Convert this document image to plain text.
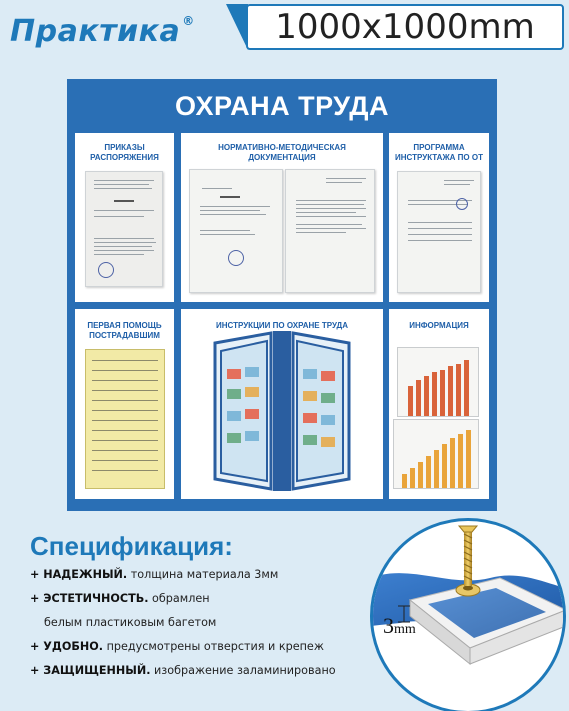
Практика ®	1000x1000mm
ОХРАНА ТРУДА
ПРИКАЗЫ
РАСПОРЯЖЕНИЯ
НОРМАТИВНО-МЕТОДИЧЕСКАЯ
ДОКУМЕНТАЦИЯ
ПРОГРАММА
ИНСТРУКТАЖА ПО ОТ
ПЕРВАЯ ПОМОЩЬ
ПОСТРАДАВШИМ
ИНСТРУКЦИИ ПО ОХРАНЕ ТРУДА	ИНФОРМАЦИЯ
Спецификация:
+ НАДЕЖНЫЙ. толщина материала 3мм
+ ЭСТЕТИЧНОСТЬ. обрамлен
белым пластиковым багетом
+ УДОБНО. предусмотрены отверстия и крепеж
+ ЗАЩИЩЕННЫЙ. изображение заламинировано
3mm
